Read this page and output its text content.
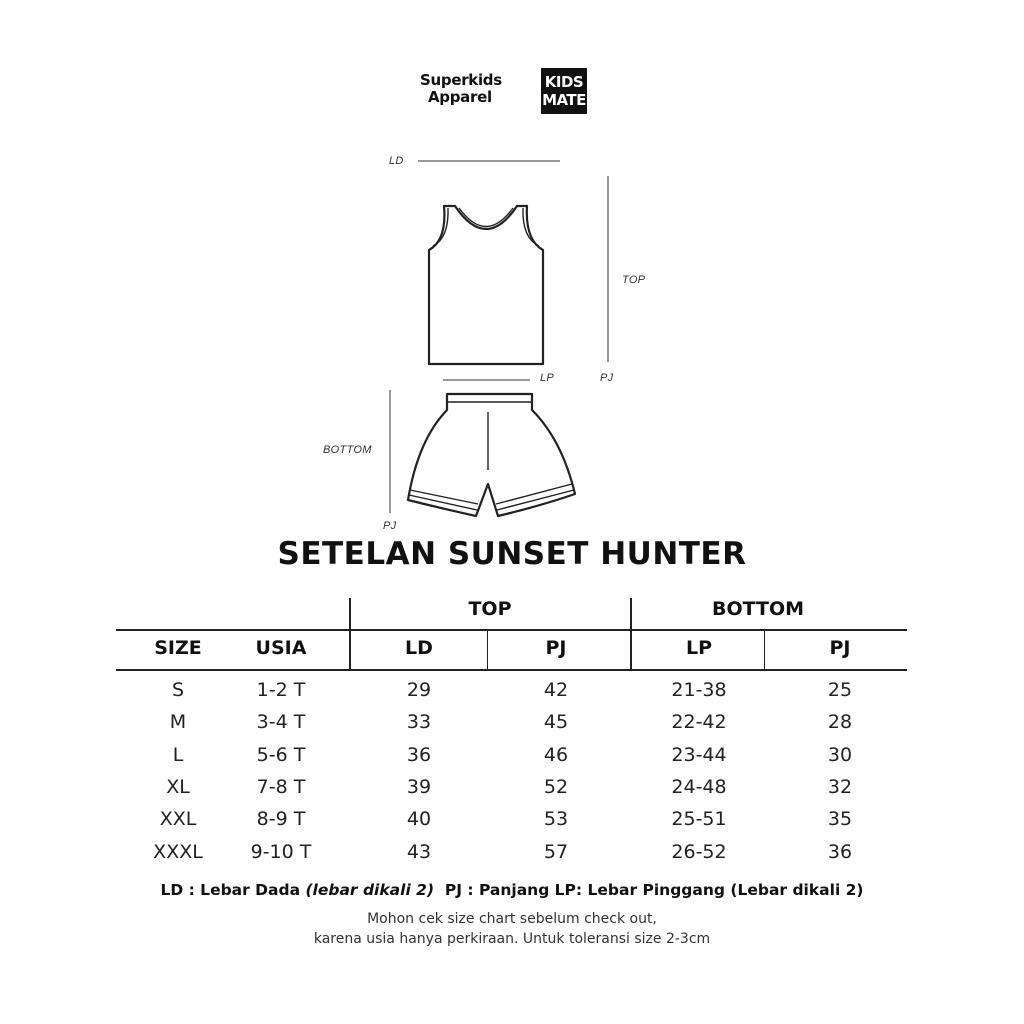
Superkids
Apparel
KIDS
MATE
LD
TOP
LP	PJ
BOTTOM
PJ
SETELAN SUNSET HUNTER
TOP	BOTTOM
SIZE	USIA	LD	PJ	LP	PJ
S	1-2 T	29	42	21-38	25
M	3-4 T	33	45	22-42	28
L	5-6 T	36	46	23-44	30
XL	7-8 T	39	52	24-48	32
XXL	8-9 T	40	53	25-51	35
XXXL	9-10 T	43	57	26-52	36
LD : Lebar Dada (lebar dikali 2) PJ : Panjang LP: Lebar Pinggang (Lebar dikali 2)
Mohon cek size chart sebelum check out,
karena usia hanya perkiraan. Untuk toleransi size 2-3cm
